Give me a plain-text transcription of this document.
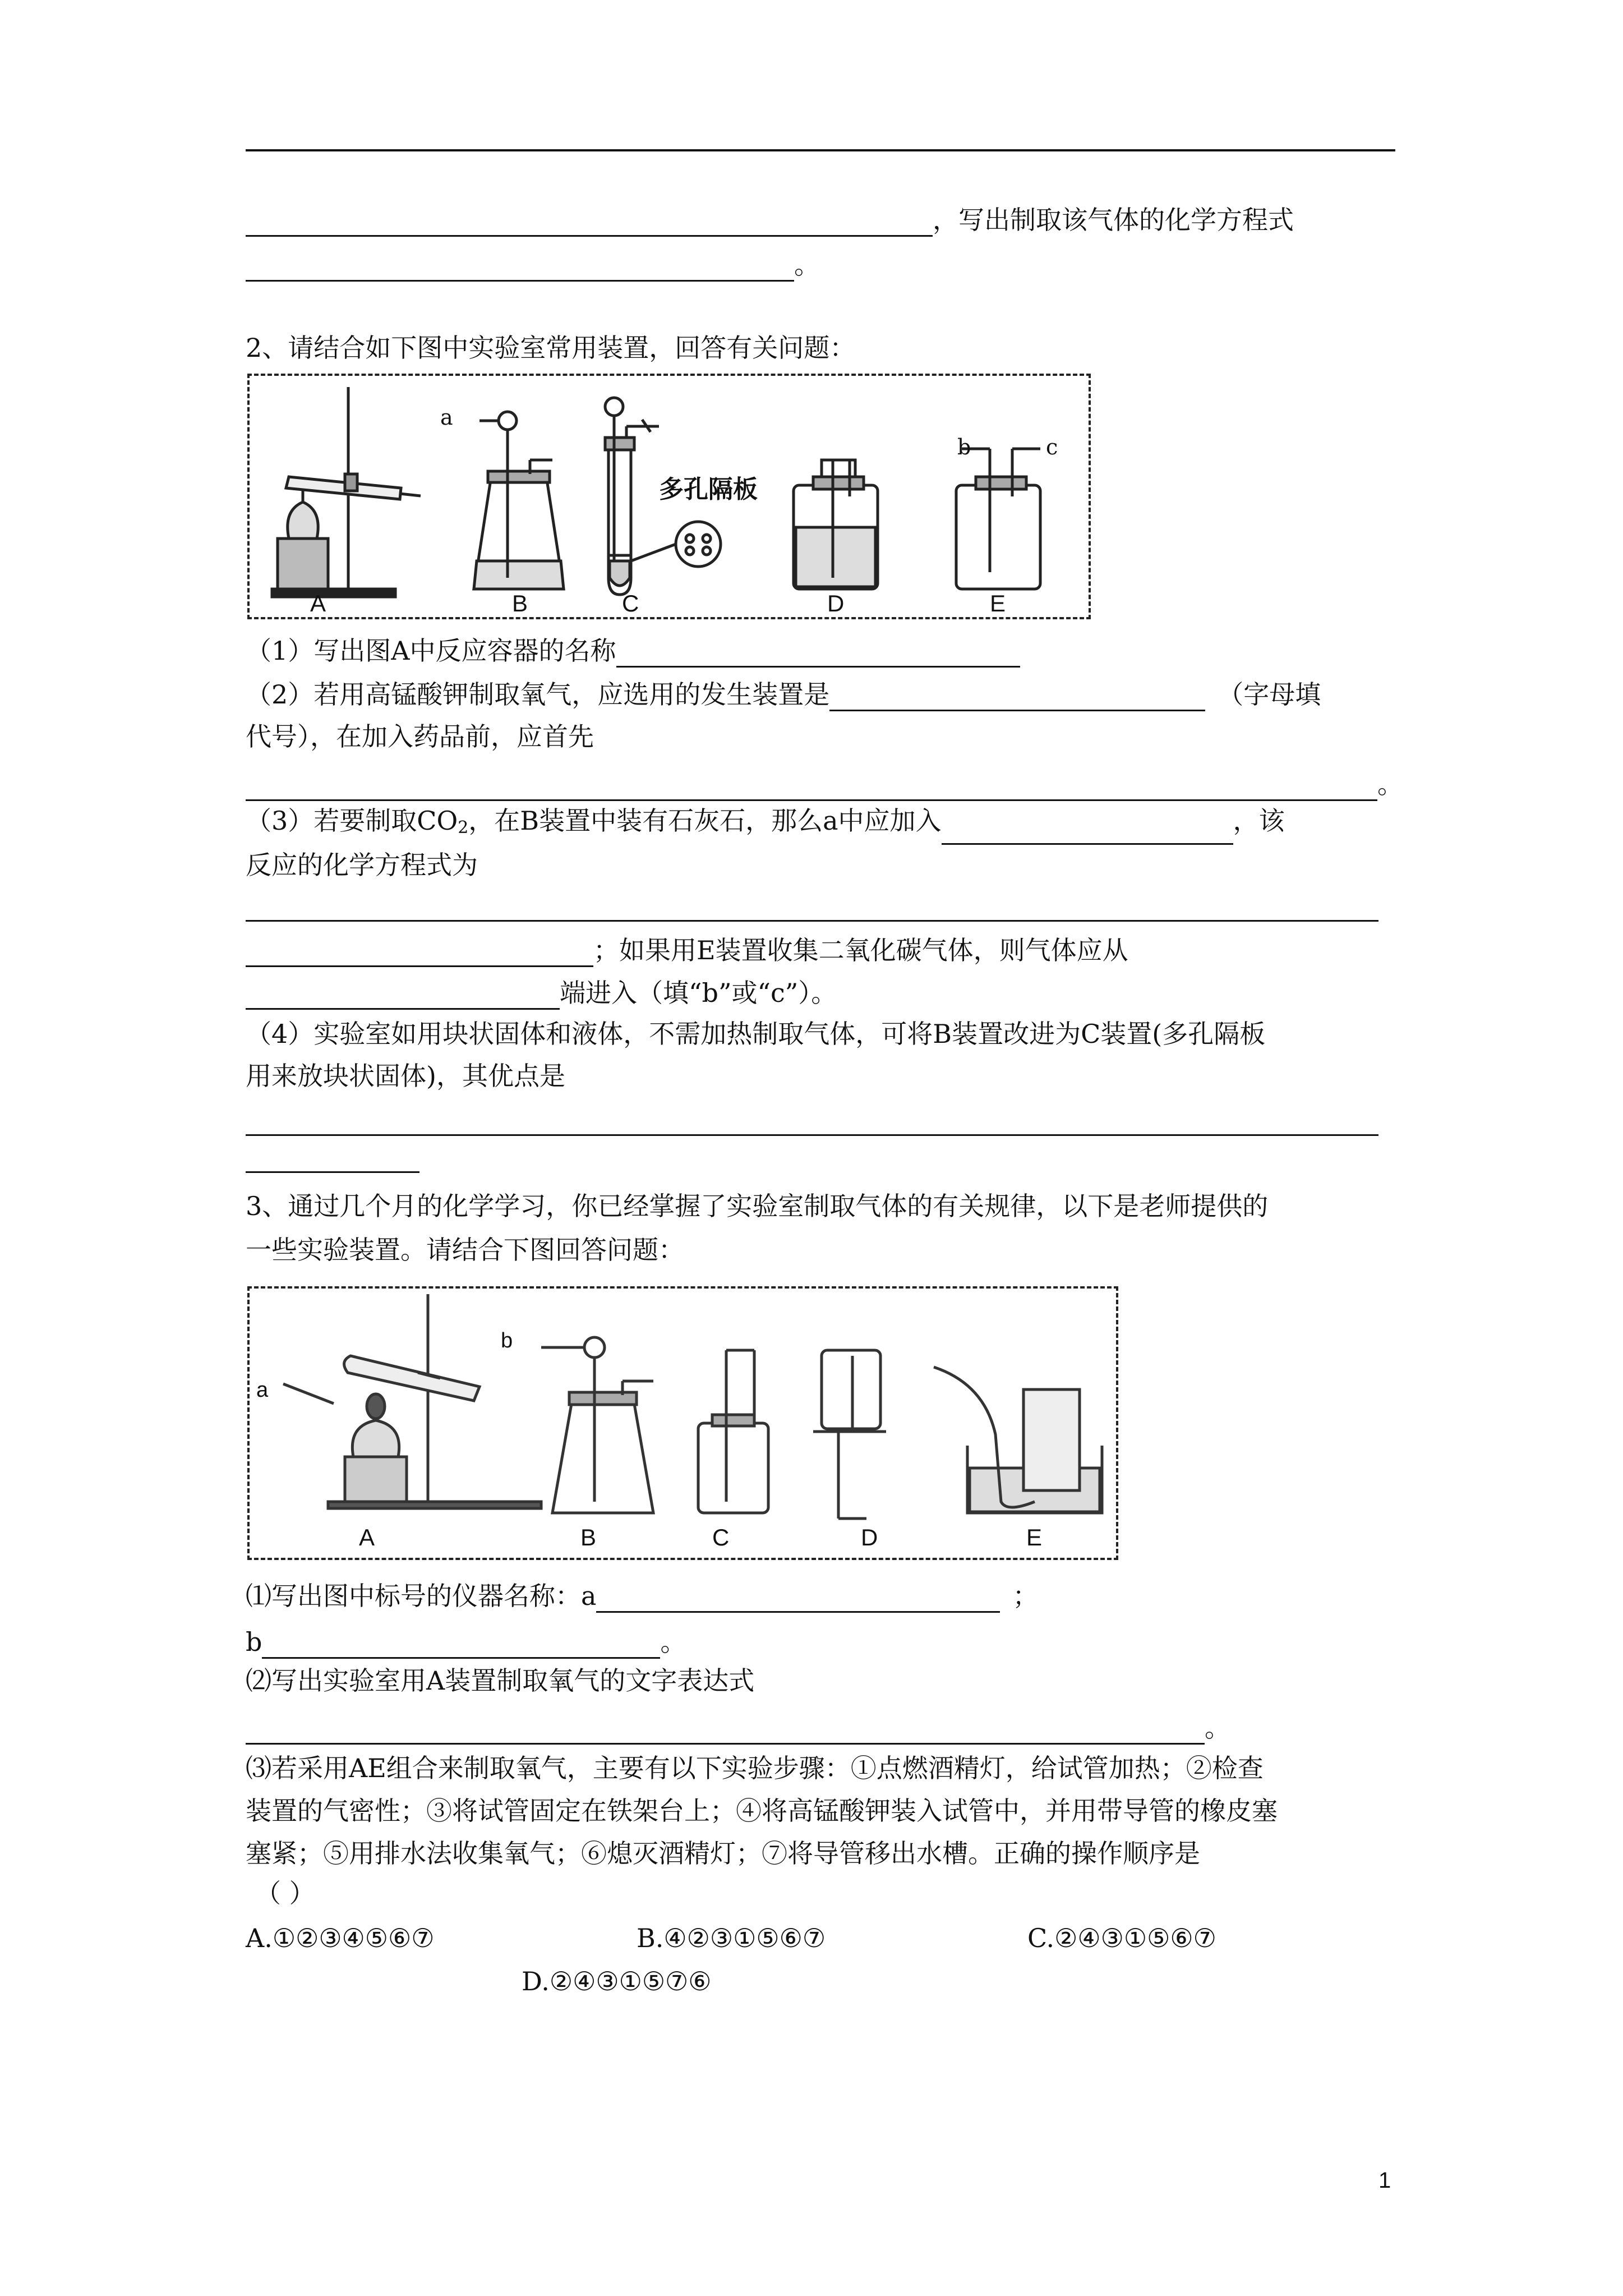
，写出制取该气体的化学方程式
。
2、请结合如下图中实验室常用装置，回答有关问题：
A	B	C	D	E
a
b	c
多孔隔板
（1）写出图A中反应容器的名称
（2）若用高锰酸钾制取氧气，应选用的发生装置是	（字母填
代号），在加入药品前，应首先
。
（3）若要制取$CO_2$，在B装置中装有石灰石，那么a中应加入	，该
反应的化学方程式为
；如果用E装置收集二氧化碳气体，则气体应从
端进入（填“b”或“c”）。
（4）实验室如用块状固体和液体，不需加热制取气体，可将B装置改进为C装置(多孔隔板
用来放块状固体)，其优点是
3、通过几个月的化学学习，你已经掌握了实验室制取气体的有关规律，以下是老师提供的
一些实验装置。请结合下图回答问题：
A	B	C	D	E
a
b
⑴写出图中标号的仪器名称：a	；
b	。
⑵写出实验室用A装置制取氧气的文字表达式
。
⑶若采用AE组合来制取氧气，主要有以下实验步骤：①点燃酒精灯，给试管加热；②检查
装置的气密性；③将试管固定在铁架台上；④将高锰酸钾装入试管中，并用带导管的橡皮塞
塞紧；⑤用排水法收集氧气；⑥熄灭酒精灯；⑦将导管移出水槽。正确的操作顺序是
（ ）
A.①②③④⑤⑥⑦	B.④②③①⑤⑥⑦	C.②④③①⑤⑥⑦
D.②④③①⑤⑦⑥
1
